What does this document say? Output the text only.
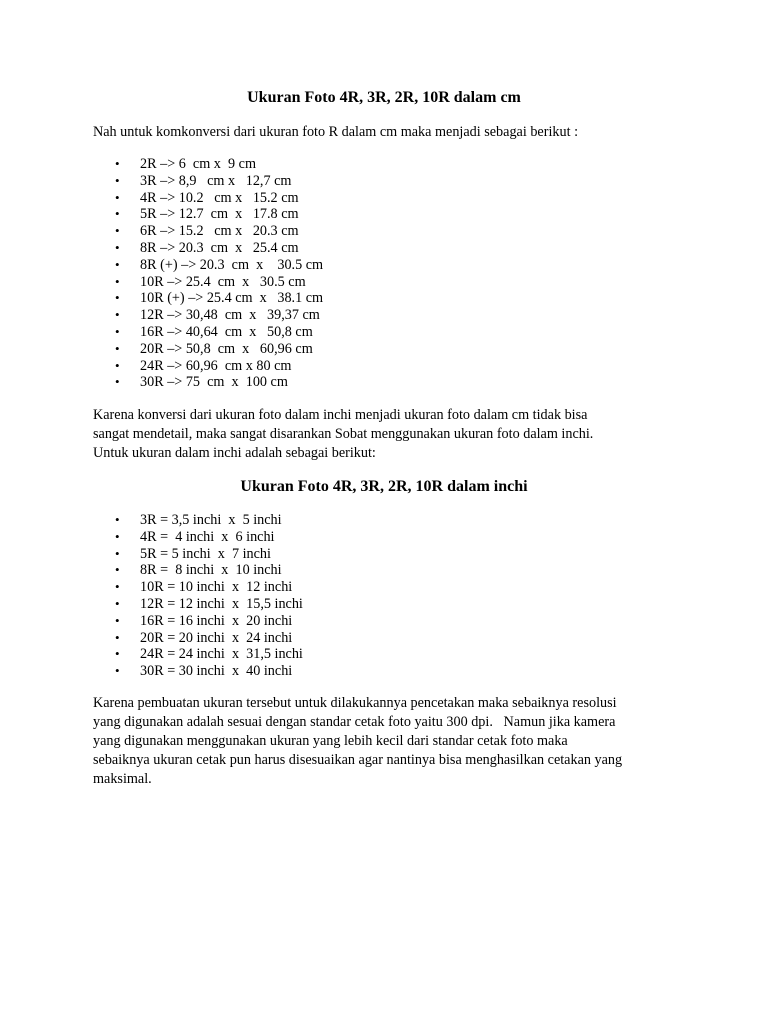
Ukuran Foto 4R, 3R, 2R, 10R dalam cm

Nah untuk komkonversi dari ukuran foto R dalam cm maka menjadi sebagai berikut :

• 2R –> 6  cm x  9 cm
• 3R –> 8,9   cm x   12,7 cm
• 4R –> 10.2   cm x   15.2 cm
• 5R –> 12.7  cm  x   17.8 cm
• 6R –> 15.2   cm x   20.3 cm
• 8R –> 20.3  cm  x   25.4 cm
• 8R (+) –> 20.3  cm  x    30.5 cm
• 10R –> 25.4  cm  x   30.5 cm
• 10R (+) –> 25.4 cm  x   38.1 cm
• 12R –> 30,48  cm  x   39,37 cm
• 16R –> 40,64  cm  x   50,8 cm
• 20R –> 50,8  cm  x   60,96 cm
• 24R –> 60,96  cm x 80 cm
• 30R –> 75  cm  x  100 cm

Karena konversi dari ukuran foto dalam inchi menjadi ukuran foto dalam cm tidak bisa
sangat mendetail, maka sangat disarankan Sobat menggunakan ukuran foto dalam inchi.
Untuk ukuran dalam inchi adalah sebagai berikut:

Ukuran Foto 4R, 3R, 2R, 10R dalam inchi
• 3R = 3,5 inchi  x  5 inchi
• 4R =  4 inchi  x  6 inchi
• 5R = 5 inchi  x  7 inchi
• 8R =  8 inchi  x  10 inchi
• 10R = 10 inchi  x  12 inchi
• 12R = 12 inchi  x  15,5 inchi
• 16R = 16 inchi  x  20 inchi
• 20R = 20 inchi  x  24 inchi
• 24R = 24 inchi  x  31,5 inchi
• 30R = 30 inchi  x  40 inchi

Karena pembuatan ukuran tersebut untuk dilakukannya pencetakan maka sebaiknya resolusi
yang digunakan adalah sesuai dengan standar cetak foto yaitu 300 dpi.   Namun jika kamera
yang digunakan menggunakan ukuran yang lebih kecil dari standar cetak foto maka
sebaiknya ukuran cetak pun harus disesuaikan agar nantinya bisa menghasilkan cetakan yang
maksimal.
